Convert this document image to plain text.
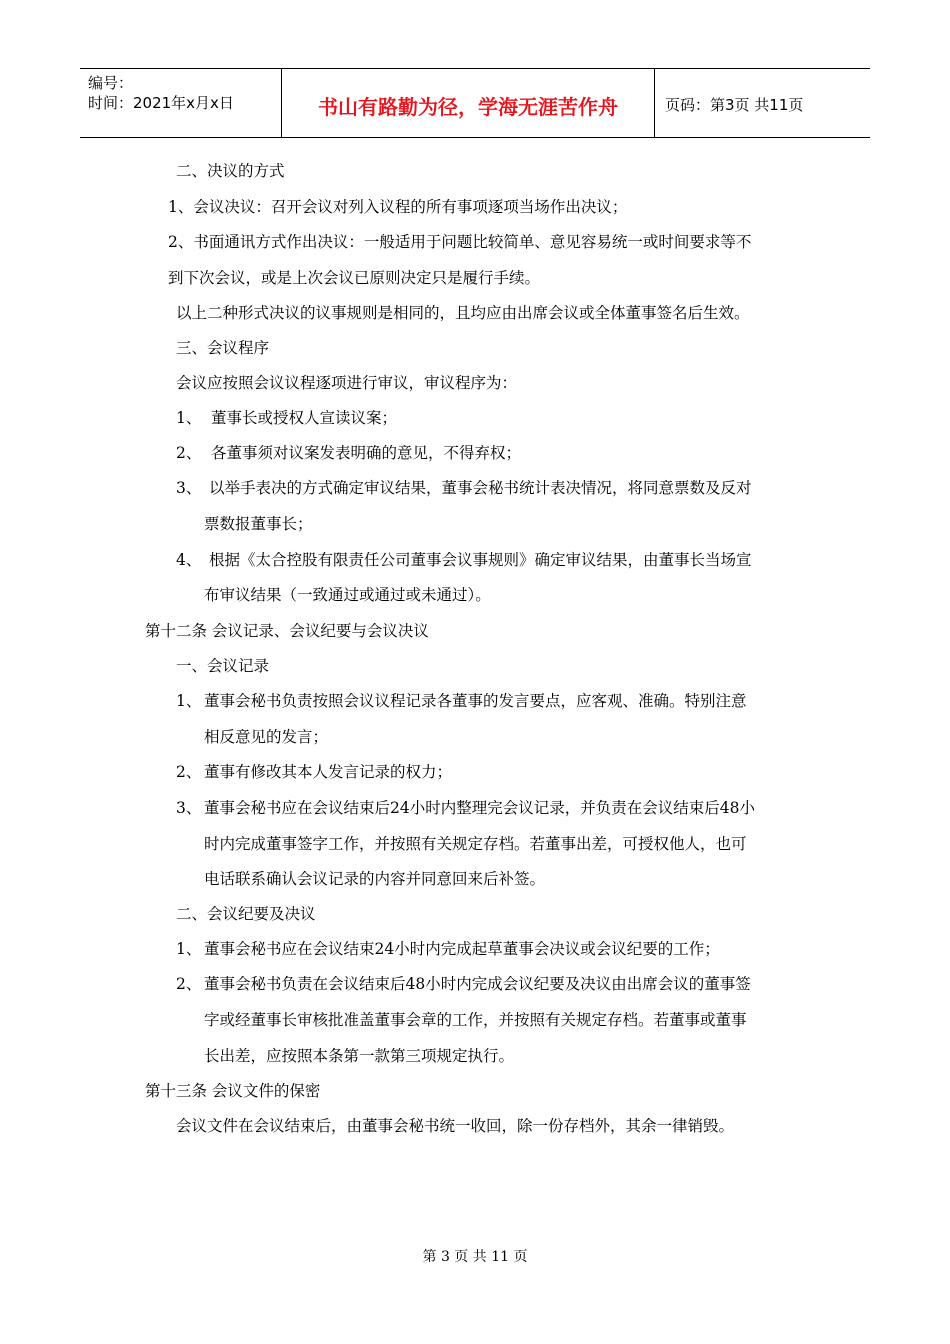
编号：
时间：2021年x月x日	书山有路勤为径，学海无涯苦作舟	页码：第3页 共11页
二、决议的方式
1、会议决议：召开会议对列入议程的所有事项逐项当场作出决议；
2、书面通讯方式作出决议：一般适用于问题比较简单、意见容易统一或时间要求等不
到下次会议，或是上次会议已原则决定只是履行手续。
以上二种形式决议的议事规则是相同的，且均应由出席会议或全体董事签名后生效。
三、会议程序
会议应按照会议议程逐项进行审议，审议程序为：
1、 董事长或授权人宣读议案；
2、 各董事须对议案发表明确的意见，不得弃权；
3、 以举手表决的方式确定审议结果，董事会秘书统计表决情况，将同意票数及反对
票数报董事长；
4、 根据《太合控股有限责任公司董事会议事规则》确定审议结果，由董事长当场宣
布审议结果（一致通过或通过或未通过）。
第十二条 会议记录、会议纪要与会议决议
一、会议记录
1、 董事会秘书负责按照会议议程记录各董事的发言要点，应客观、准确。特别注意
相反意见的发言；
2、 董事有修改其本人发言记录的权力；
3、 董事会秘书应在会议结束后24小时内整理完会议记录，并负责在会议结束后48小
时内完成董事签字工作，并按照有关规定存档。若董事出差，可授权他人，也可
电话联系确认会议记录的内容并同意回来后补签。
二、会议纪要及决议
1、 董事会秘书应在会议结束24小时内完成起草董事会决议或会议纪要的工作；
2、 董事会秘书负责在会议结束后48小时内完成会议纪要及决议由出席会议的董事签
字或经董事长审核批准盖董事会章的工作，并按照有关规定存档。若董事或董事
长出差，应按照本条第一款第三项规定执行。
第十三条 会议文件的保密
会议文件在会议结束后，由董事会秘书统一收回，除一份存档外，其余一律销毁。
第 3 页 共 11 页
